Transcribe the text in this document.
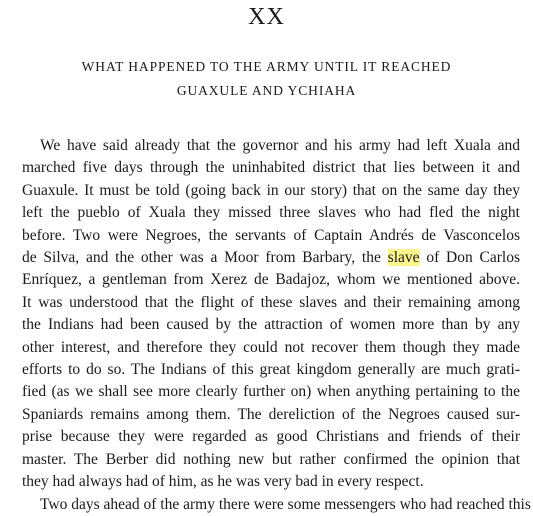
XX
WHAT HAPPENED TO THE ARMY UNTIL IT REACHED
GUAXULE AND YCHIAHA
We have said already that the governor and his army had left Xuala and
marched five days through the uninhabited district that lies between it and
Guaxule. It must be told (going back in our story) that on the same day they
left the pueblo of Xuala they missed three slaves who had fled the night
before. Two were Negroes, the servants of Captain Andrés de Vasconcelos
de Silva, and the other was a Moor from Barbary, the slave of Don Carlos
Enríquez, a gentleman from Xerez de Badajoz, whom we mentioned above.
It was understood that the flight of these slaves and their remaining among
the Indians had been caused by the attraction of women more than by any
other interest, and therefore they could not recover them though they made
efforts to do so. The Indians of this great kingdom generally are much grati-
fied (as we shall see more clearly further on) when anything pertaining to the
Spaniards remains among them. The dereliction of the Negroes caused sur-
prise because they were regarded as good Christians and friends of their
master. The Berber did nothing new but rather confirmed the opinion that
they had always had of him, as he was very bad in every respect.
Two days ahead of the army there were some messengers who had reached this
